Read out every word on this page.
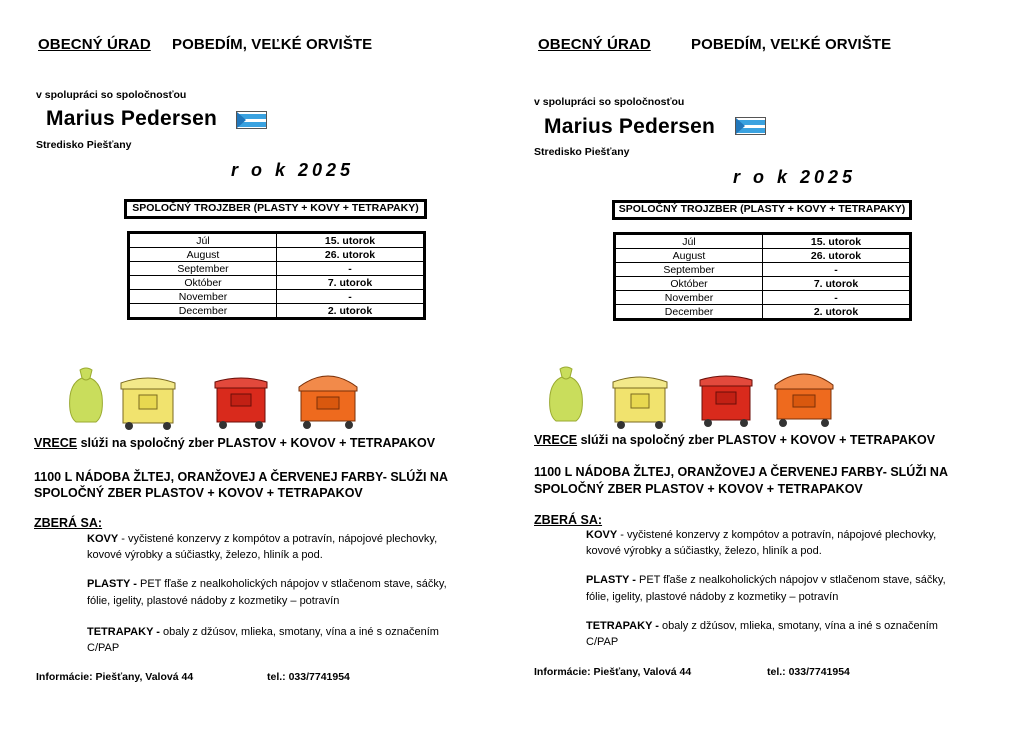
OBECNÝ ÚRAD POBEDÍM, VEĽKÉ ORVIŠTE
v spolupráci so spoločnosťou
Marius Pedersen
Stredisko Piešťany
r o k 2025
SPOLOČNÝ TROJZBER (PLASTY + KOVY + TETRAPAKY)
Júl	15. utorok
August	26. utorok
September	-
Október	7. utorok
November	-
December	2. utorok
VRECE slúži na spoločný zber PLASTOV + KOVOV + TETRAPAKOV
1100 L NÁDOBA ŽLTEJ, ORANŽOVEJ A ČERVENEJ FARBY- SLÚŽI NA
SPOLOČNÝ ZBER PLASTOV + KOVOV + TETRAPAKOV
ZBERÁ SA:
KOVY - vyčistené konzervy z kompótov a potravín, nápojové plechovky,
kovové výrobky a súčiastky, železo, hliník a pod.
PLASTY - PET fľaše z nealkoholických nápojov v stlačenom stave, sáčky,
fólie, igelity, plastové nádoby z kozmetiky – potravín
TETRAPAKY - obaly z džúsov, mlieka, smotany, vína a iné s označením
C/PAP
Informácie: Piešťany, Valová 44	tel.: 033/7741954
OBECNÝ ÚRAD	POBEDÍM, VEĽKÉ ORVIŠTE
v spolupráci so spoločnosťou
Marius Pedersen
Stredisko Piešťany
r o k 2025
SPOLOČNÝ TROJZBER (PLASTY + KOVY + TETRAPAKY)
Júl	15. utorok
August	26. utorok
September	-
Október	7. utorok
November	-
December	2. utorok
VRECE slúži na spoločný zber PLASTOV + KOVOV + TETRAPAKOV
1100 L NÁDOBA ŽLTEJ, ORANŽOVEJ A ČERVENEJ FARBY- SLÚŽI NA
SPOLOČNÝ ZBER PLASTOV + KOVOV + TETRAPAKOV
ZBERÁ SA:
KOVY - vyčistené konzervy z kompótov a potravín, nápojové plechovky,
kovové výrobky a súčiastky, železo, hliník a pod.
PLASTY - PET fľaše z nealkoholických nápojov v stlačenom stave, sáčky,
fólie, igelity, plastové nádoby z kozmetiky – potravín
TETRAPAKY - obaly z džúsov, mlieka, smotany, vína a iné s označením
C/PAP
Informácie: Piešťany, Valová 44	tel.: 033/7741954
